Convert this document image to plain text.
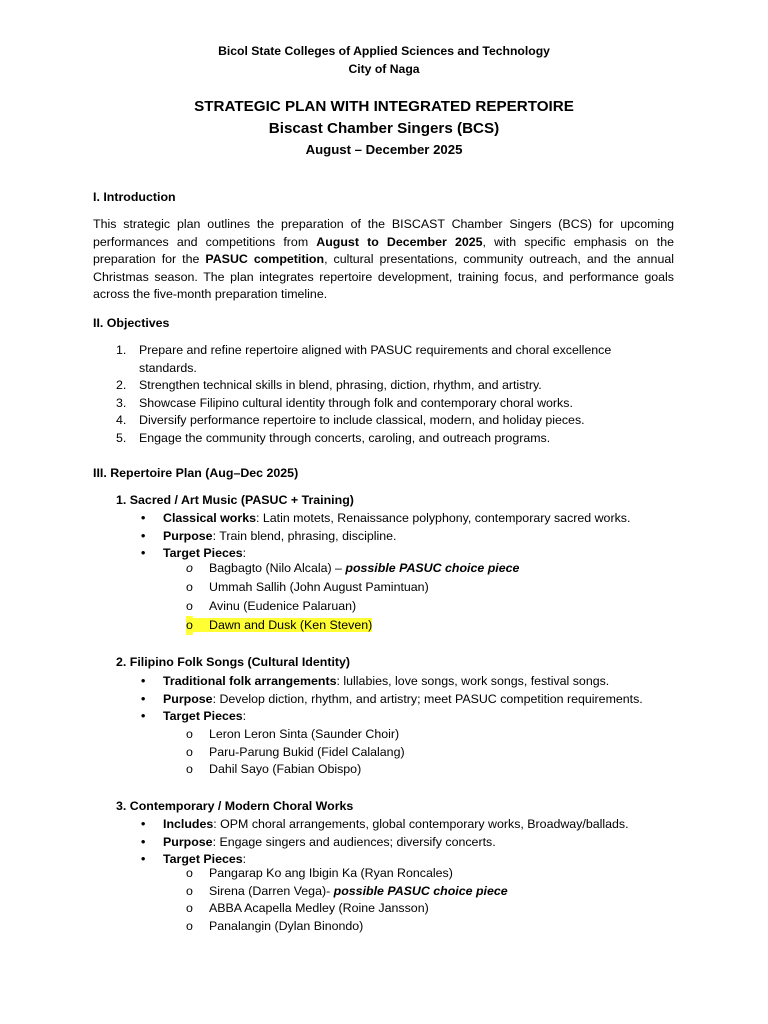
Bicol State Colleges of Applied Sciences and Technology
City of Naga
STRATEGIC PLAN WITH INTEGRATED REPERTOIRE
Biscast Chamber Singers (BCS)
August – December 2025
I. Introduction
This strategic plan outlines the preparation of the BISCAST Chamber Singers (BCS) for upcoming performances and competitions from August to December 2025, with specific emphasis on the preparation for the PASUC competition, cultural presentations, community outreach, and the annual Christmas season. The plan integrates repertoire development, training focus, and performance goals across the five-month preparation timeline.
II. Objectives
1. Prepare and refine repertoire aligned with PASUC requirements and choral excellence standards.
2. Strengthen technical skills in blend, phrasing, diction, rhythm, and artistry.
3. Showcase Filipino cultural identity through folk and contemporary choral works.
4. Diversify performance repertoire to include classical, modern, and holiday pieces.
5. Engage the community through concerts, caroling, and outreach programs.
III. Repertoire Plan (Aug–Dec 2025)
1. Sacred / Art Music (PASUC + Training)
• Classical works: Latin motets, Renaissance polyphony, contemporary sacred works.
• Purpose: Train blend, phrasing, discipline.
• Target Pieces:
o Bagbagto (Nilo Alcala) – possible PASUC choice piece
o Ummah Sallih (John August Pamintuan)
o Avinu (Eudenice Palaruan)
o Dawn and Dusk (Ken Steven)
2. Filipino Folk Songs (Cultural Identity)
• Traditional folk arrangements: lullabies, love songs, work songs, festival songs.
• Purpose: Develop diction, rhythm, and artistry; meet PASUC competition requirements.
• Target Pieces:
o Leron Leron Sinta (Saunder Choir)
o Paru-Parung Bukid (Fidel Calalang)
o Dahil Sayo (Fabian Obispo)
3. Contemporary / Modern Choral Works
• Includes: OPM choral arrangements, global contemporary works, Broadway/ballads.
• Purpose: Engage singers and audiences; diversify concerts.
• Target Pieces:
o Pangarap Ko ang Ibigin Ka (Ryan Roncales)
o Sirena (Darren Vega)- possible PASUC choice piece
o ABBA Acapella Medley (Roine Jansson)
o Panalangin (Dylan Binondo)
